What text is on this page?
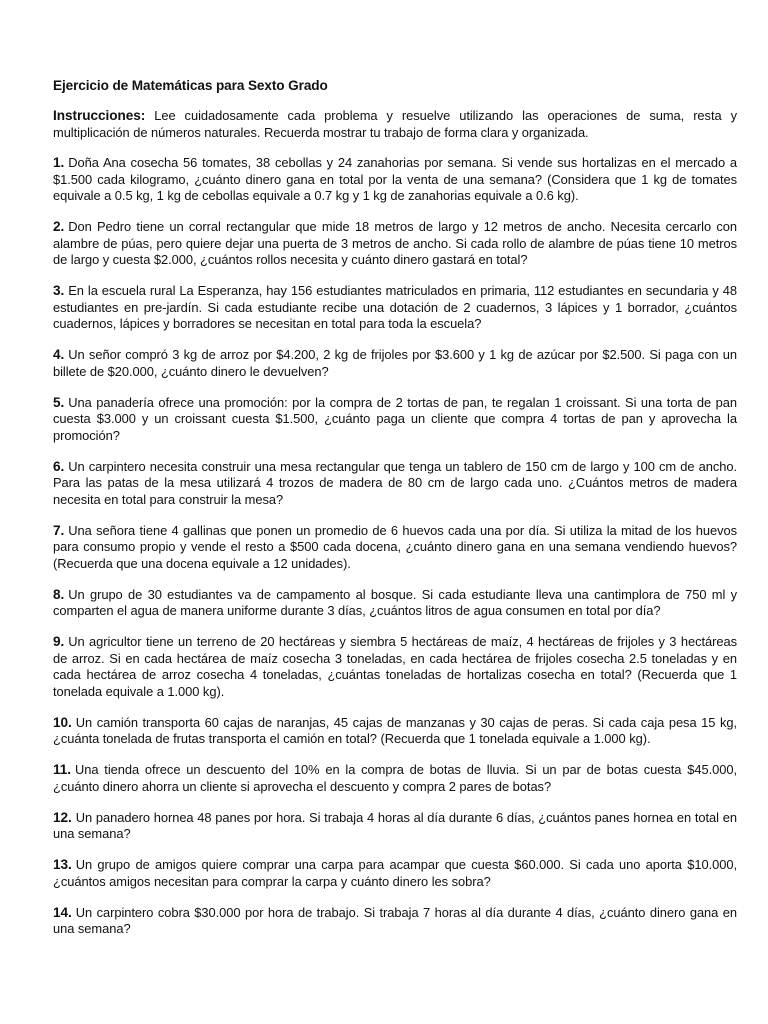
Ejercicio de Matemáticas para Sexto Grado

Instrucciones: Lee cuidadosamente cada problema y resuelve utilizando las operaciones de suma, resta y multiplicación de números naturales. Recuerda mostrar tu trabajo de forma clara y organizada.

1. Doña Ana cosecha 56 tomates, 38 cebollas y 24 zanahorias por semana. Si vende sus hortalizas en el mercado a $1.500 cada kilogramo, ¿cuánto dinero gana en total por la venta de una semana? (Considera que 1 kg de tomates equivale a 0.5 kg, 1 kg de cebollas equivale a 0.7 kg y 1 kg de zanahorias equivale a 0.6 kg).

2. Don Pedro tiene un corral rectangular que mide 18 metros de largo y 12 metros de ancho. Necesita cercarlo con alambre de púas, pero quiere dejar una puerta de 3 metros de ancho. Si cada rollo de alambre de púas tiene 10 metros de largo y cuesta $2.000, ¿cuántos rollos necesita y cuánto dinero gastará en total?

3. En la escuela rural La Esperanza, hay 156 estudiantes matriculados en primaria, 112 estudiantes en secundaria y 48 estudiantes en pre-jardín. Si cada estudiante recibe una dotación de 2 cuadernos, 3 lápices y 1 borrador, ¿cuántos cuadernos, lápices y borradores se necesitan en total para toda la escuela?

4. Un señor compró 3 kg de arroz por $4.200, 2 kg de frijoles por $3.600 y 1 kg de azúcar por $2.500. Si paga con un billete de $20.000, ¿cuánto dinero le devuelven?

5. Una panadería ofrece una promoción: por la compra de 2 tortas de pan, te regalan 1 croissant. Si una torta de pan cuesta $3.000 y un croissant cuesta $1.500, ¿cuánto paga un cliente que compra 4 tortas de pan y aprovecha la promoción?

6. Un carpintero necesita construir una mesa rectangular que tenga un tablero de 150 cm de largo y 100 cm de ancho. Para las patas de la mesa utilizará 4 trozos de madera de 80 cm de largo cada uno. ¿Cuántos metros de madera necesita en total para construir la mesa?

7. Una señora tiene 4 gallinas que ponen un promedio de 6 huevos cada una por día. Si utiliza la mitad de los huevos para consumo propio y vende el resto a $500 cada docena, ¿cuánto dinero gana en una semana vendiendo huevos? (Recuerda que una docena equivale a 12 unidades).

8. Un grupo de 30 estudiantes va de campamento al bosque. Si cada estudiante lleva una cantimplora de 750 ml y comparten el agua de manera uniforme durante 3 días, ¿cuántos litros de agua consumen en total por día?

9. Un agricultor tiene un terreno de 20 hectáreas y siembra 5 hectáreas de maíz, 4 hectáreas de frijoles y 3 hectáreas de arroz. Si en cada hectárea de maíz cosecha 3 toneladas, en cada hectárea de frijoles cosecha 2.5 toneladas y en cada hectárea de arroz cosecha 4 toneladas, ¿cuántas toneladas de hortalizas cosecha en total? (Recuerda que 1 tonelada equivale a 1.000 kg).

10. Un camión transporta 60 cajas de naranjas, 45 cajas de manzanas y 30 cajas de peras. Si cada caja pesa 15 kg, ¿cuánta tonelada de frutas transporta el camión en total? (Recuerda que 1 tonelada equivale a 1.000 kg).

11. Una tienda ofrece un descuento del 10% en la compra de botas de lluvia. Si un par de botas cuesta $45.000, ¿cuánto dinero ahorra un cliente si aprovecha el descuento y compra 2 pares de botas?

12. Un panadero hornea 48 panes por hora. Si trabaja 4 horas al día durante 6 días, ¿cuántos panes hornea en total en una semana?

13. Un grupo de amigos quiere comprar una carpa para acampar que cuesta $60.000. Si cada uno aporta $10.000, ¿cuántos amigos necesitan para comprar la carpa y cuánto dinero les sobra?

14. Un carpintero cobra $30.000 por hora de trabajo. Si trabaja 7 horas al día durante 4 días, ¿cuánto dinero gana en una semana?
